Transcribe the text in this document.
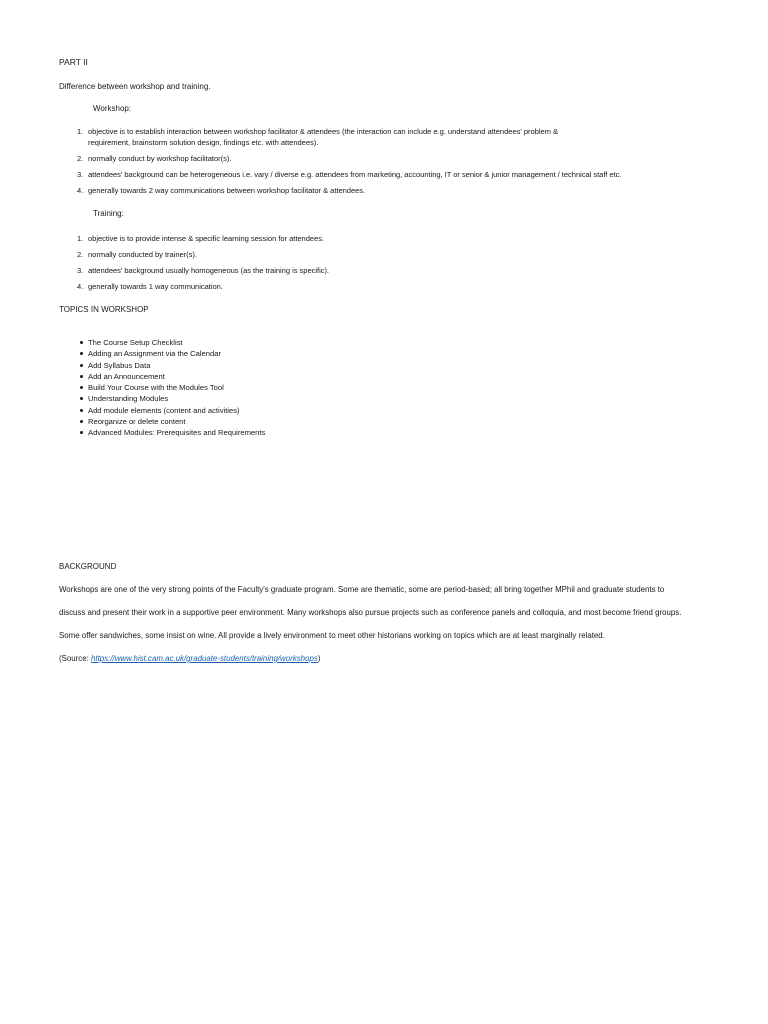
PART II
Difference between workshop and training.
Workshop:
1. objective is to establish interaction between workshop facilitator & attendees (the interaction can include e.g. understand attendees' problem &
requirement, brainstorm solution design, findings etc. with attendees).
2. normally conduct by workshop facilitator(s).
3. attendees' background can be heterogeneous i.e. vary / diverse e.g. attendees from marketing, accounting, IT or senior & junior management / technical staff etc.
4. generally towards 2 way communications between workshop facilitator & attendees.
Training:
1. objective is to provide intense & specific learning session for attendees.
2. normally conducted by trainer(s).
3. attendees' background usually homogeneous (as the training is specific).
4. generally towards 1 way communication.
TOPICS IN WORKSHOP
The Course Setup Checklist
Adding an Assignment via the Calendar
Add Syllabus Data
Add an Announcement
Build Your Course with the Modules Tool
Understanding Modules
Add module elements (content and activities)
Reorganize or delete content
Advanced Modules: Prerequisites and Requirements
BACKGROUND
Workshops are one of the very strong points of the Faculty's graduate program. Some are thematic, some are period-based; all bring together MPhil and graduate students to
discuss and present their work in a supportive peer environment. Many workshops also pursue projects such as conference panels and colloquia, and most become friend groups.
Some offer sandwiches, some insist on wine. All provide a lively environment to meet other historians working on topics which are at least marginally related.
(Source: https://www.hist.cam.ac.uk/graduate-students/training/workshops)
